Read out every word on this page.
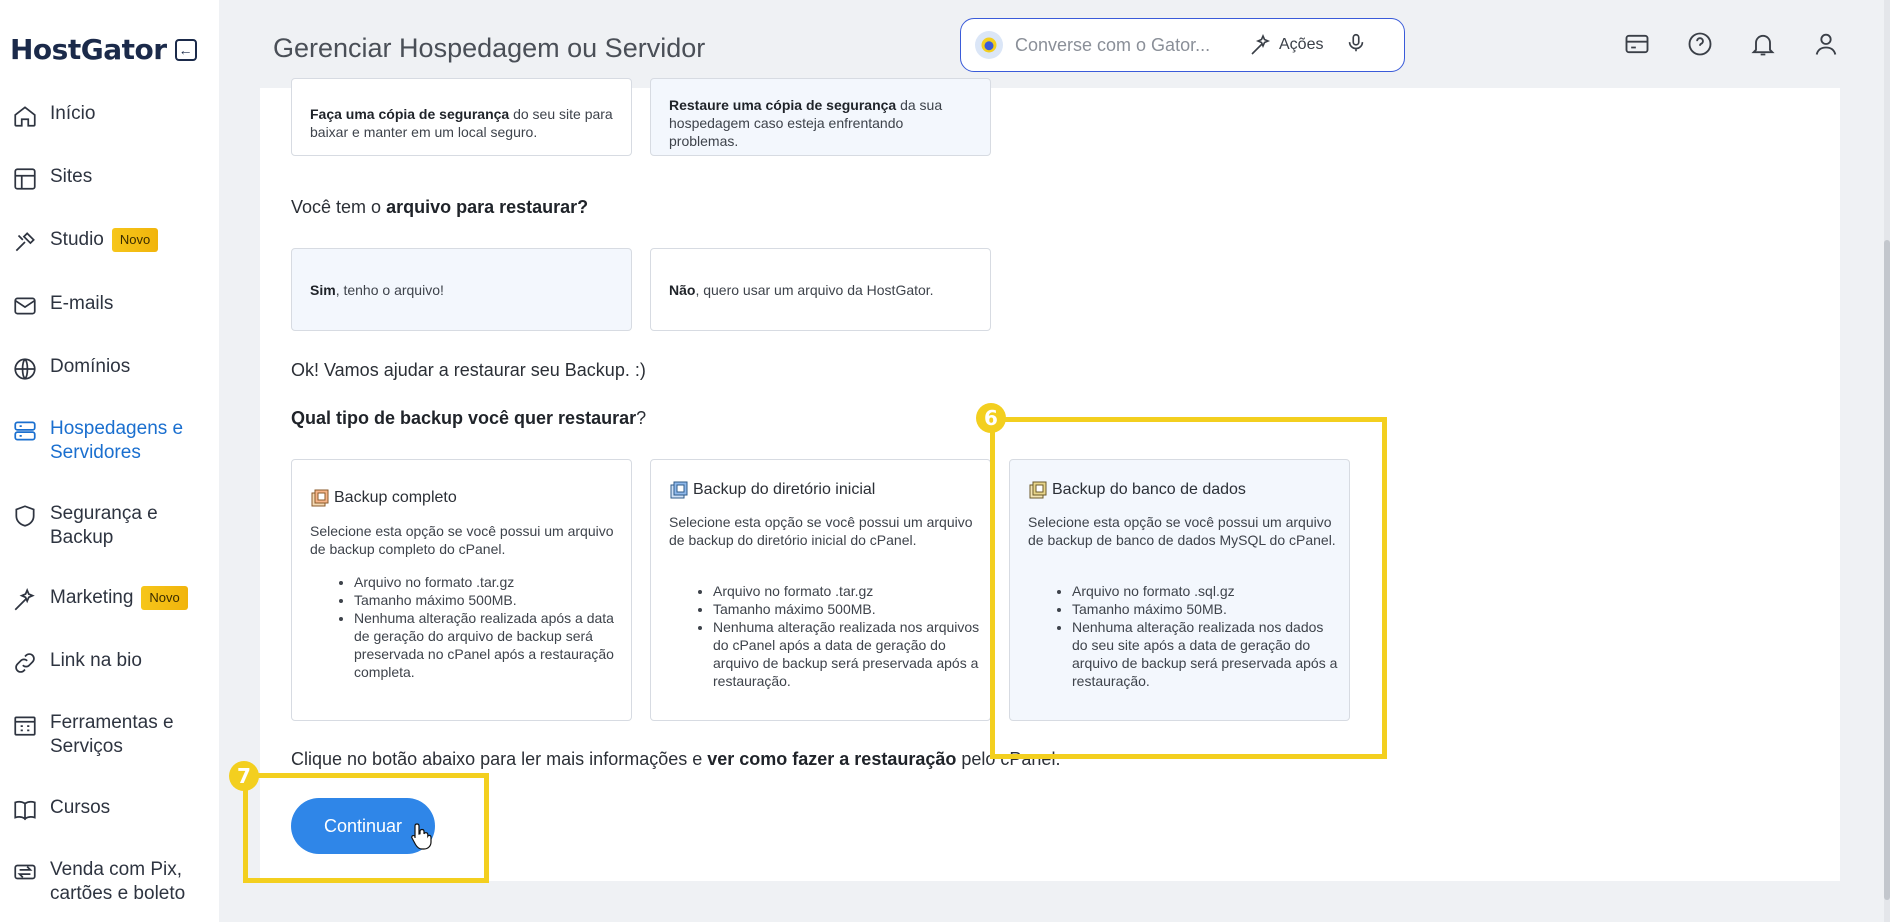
HostGator ←
Início
Sites
Studio Novo
E-mails
Domínios
Hospedagens e Servidores
Segurança e Backup
Marketing Novo
Link na bio
Ferramentas e Serviços
Cursos
Venda com Pix, cartões e boleto
Gerenciar Hospedagem ou Servidor	Converse com o Gator...	Ações
Faça uma cópia de segurança do seu site para baixar e manter em um local seguro.
Restaure uma cópia de segurança da sua hospedagem caso esteja enfrentando problemas.
Você tem o arquivo para restaurar?
Sim, tenho o arquivo!	Não, quero usar um arquivo da HostGator.
Ok! Vamos ajudar a restaurar seu Backup. :)
Qual tipo de backup você quer restaurar?
Backup completo
Selecione esta opção se você possui um arquivo de backup completo do cPanel.
• Arquivo no formato .tar.gz
• Tamanho máximo 500MB.
• Nenhuma alteração realizada após a data de geração do arquivo de backup será preservada no cPanel após a restauração completa.
Backup do diretório inicial
Selecione esta opção se você possui um arquivo de backup do diretório inicial do cPanel.
• Arquivo no formato .tar.gz
• Tamanho máximo 500MB.
• Nenhuma alteração realizada nos arquivos do cPanel após a data de geração do arquivo de backup será preservada após a restauração.
Backup do banco de dados
Selecione esta opção se você possui um arquivo de backup de banco de dados MySQL do cPanel.
• Arquivo no formato .sql.gz
• Tamanho máximo 50MB.
• Nenhuma alteração realizada nos dados do seu site após a data de geração do arquivo de backup será preservada após a restauração.
Clique no botão abaixo para ler mais informações e ver como fazer a restauração pelo cPanel.
Continuar
6
7
